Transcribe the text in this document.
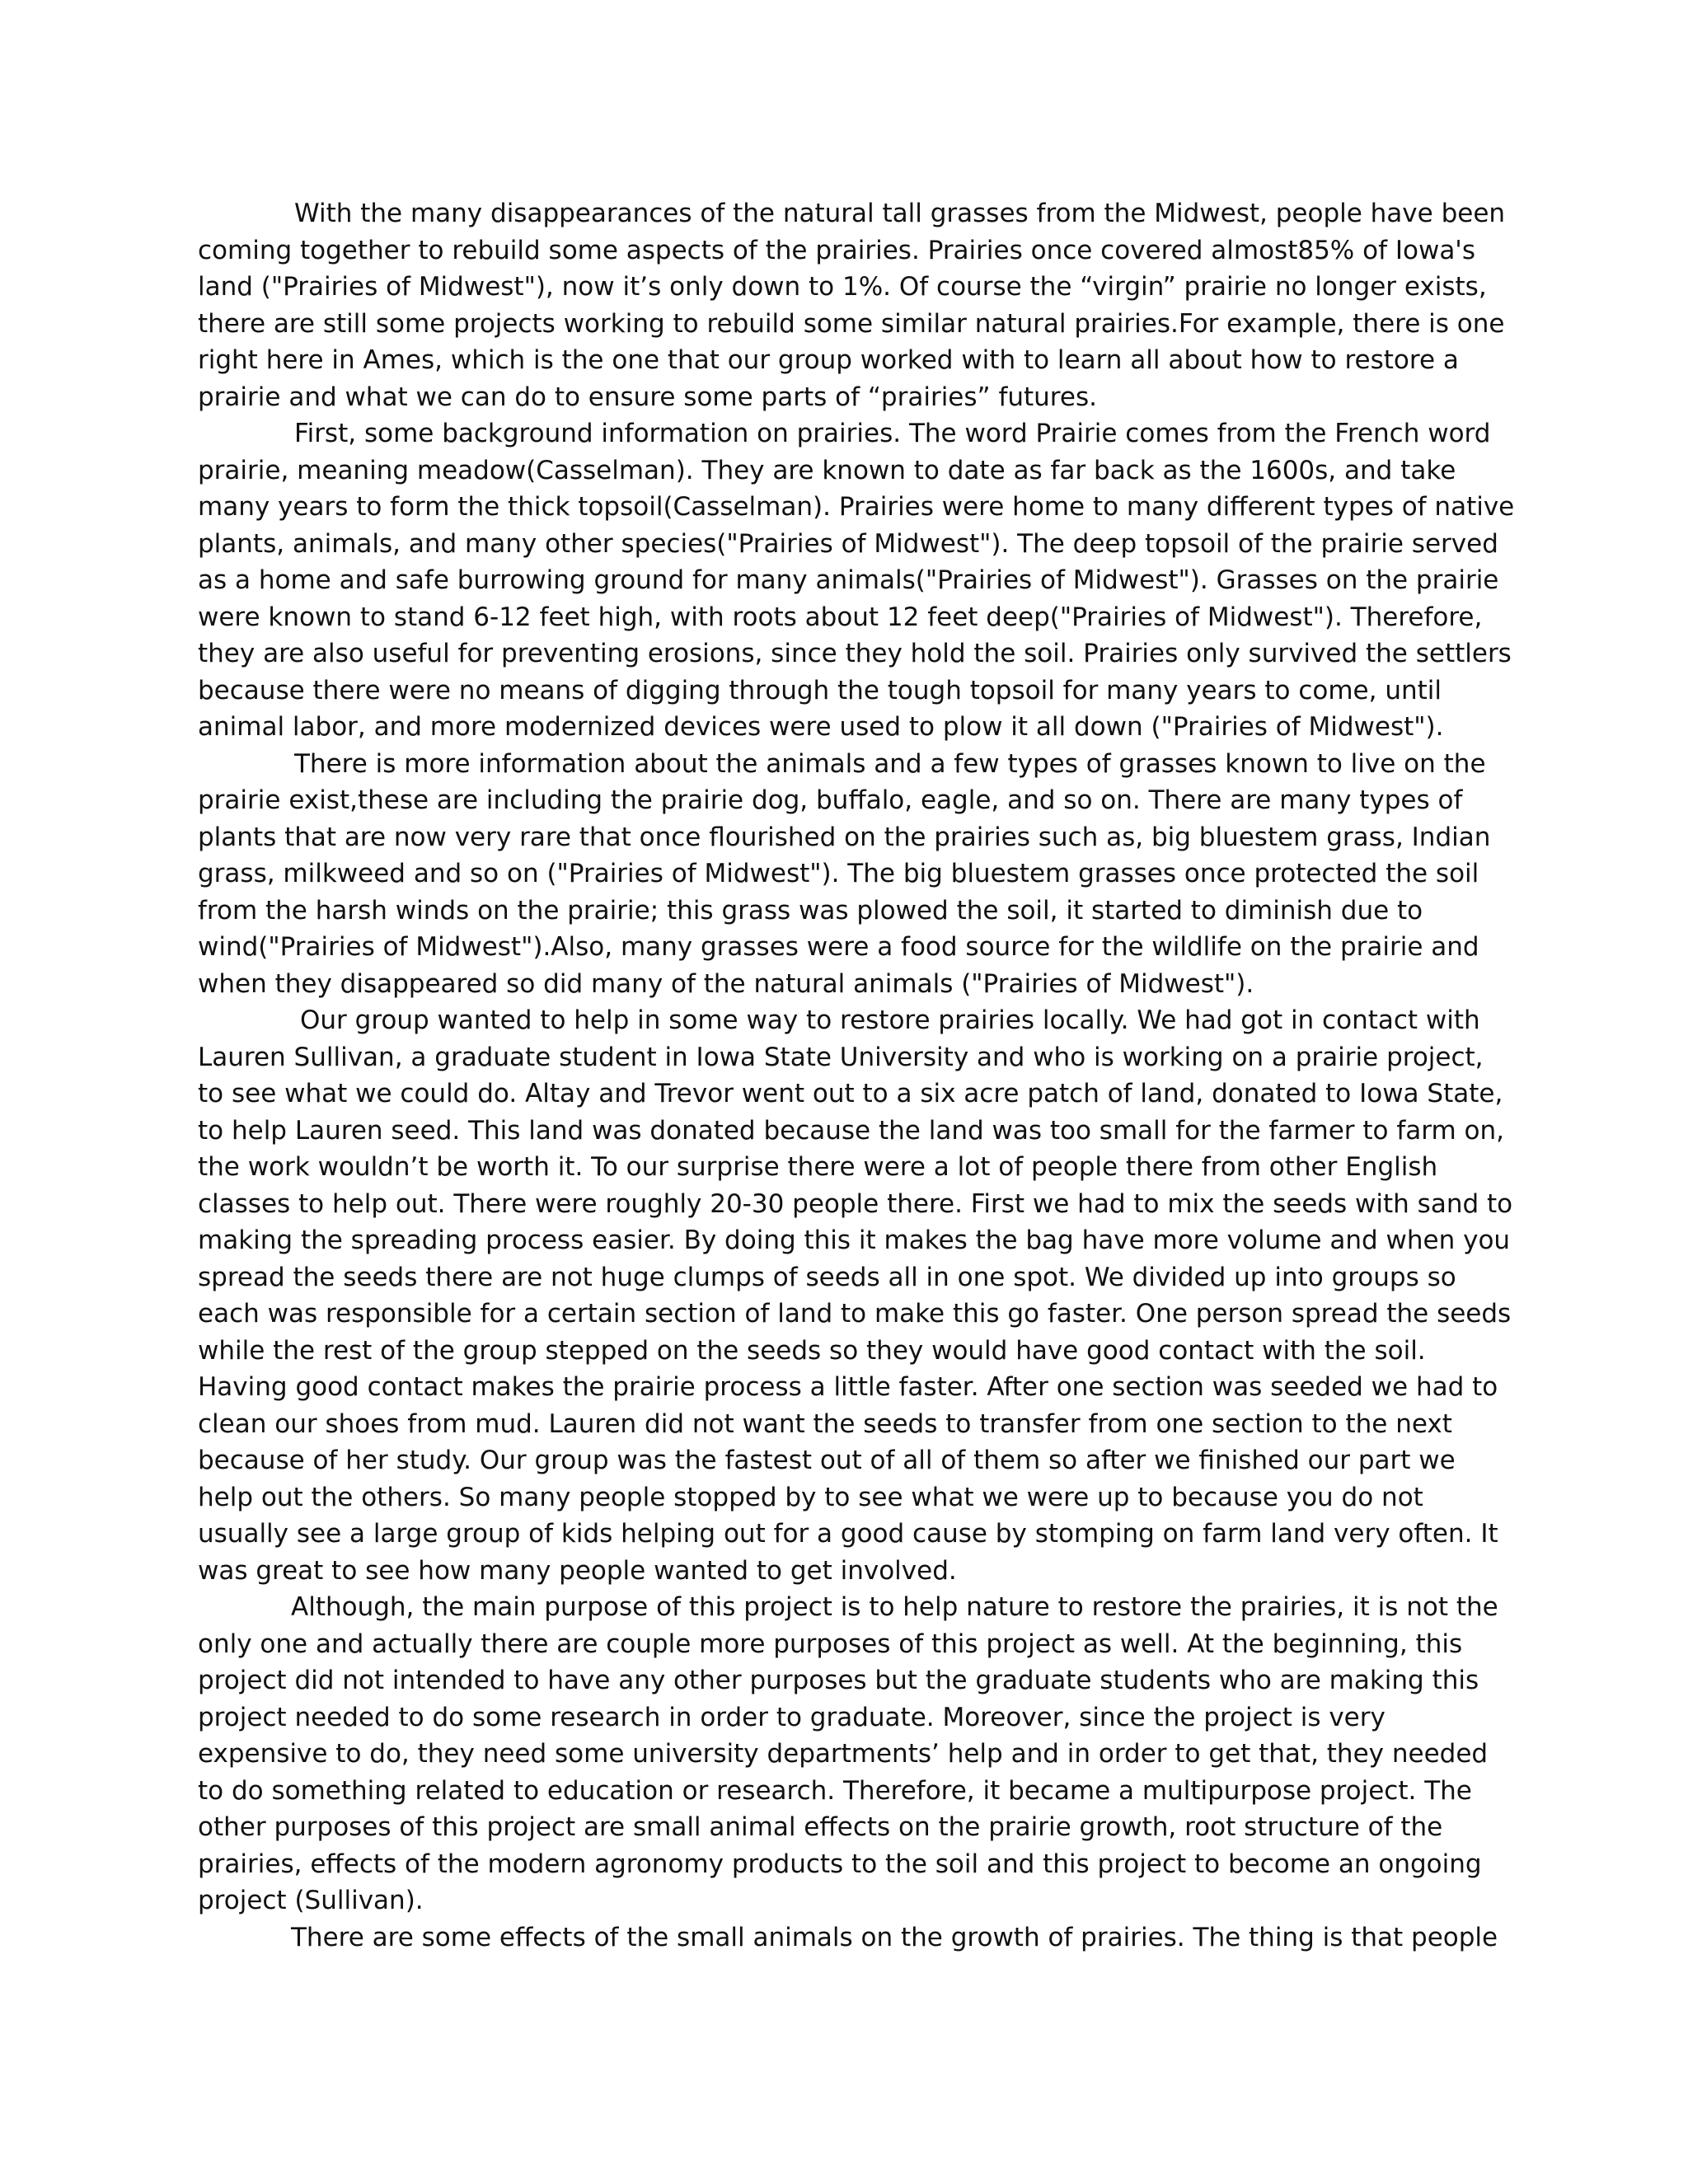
With the many disappearances of the natural tall grasses from the Midwest, people have been coming together to rebuild some aspects of the prairies. Prairies once covered almost85% of Iowa's land ("Prairies of Midwest"), now it’s only down to 1%. Of course the “virgin” prairie no longer exists, there are still some projects working to rebuild some similar natural prairies.For example, there is one right here in Ames, which is the one that our group worked with to learn all about how to restore a prairie and what we can do to ensure some parts of “prairies” futures.

First, some background information on prairies. The word Prairie comes from the French word prairie, meaning meadow(Casselman). They are known to date as far back as the 1600s, and take many years to form the thick topsoil(Casselman). Prairies were home to many different types of native plants, animals, and many other species("Prairies of Midwest"). The deep topsoil of the prairie served as a home and safe burrowing ground for many animals("Prairies of Midwest"). Grasses on the prairie were known to stand 6-12 feet high, with roots about 12 feet deep("Prairies of Midwest"). Therefore, they are also useful for preventing erosions, since they hold the soil. Prairies only survived the settlers because there were no means of digging through the tough topsoil for many years to come, until animal labor, and more modernized devices were used to plow it all down ("Prairies of Midwest").

There is more information about the animals and a few types of grasses known to live on the prairie exist,these are including the prairie dog, buffalo, eagle, and so on. There are many types of plants that are now very rare that once flourished on the prairies such as, big bluestem grass, Indian grass, milkweed and so on ("Prairies of Midwest"). The big bluestem grasses once protected the soil from the harsh winds on the prairie; this grass was plowed the soil, it started to diminish due to wind("Prairies of Midwest").Also, many grasses were a food source for the wildlife on the prairie and when they disappeared so did many of the natural animals ("Prairies of Midwest").

Our group wanted to help in some way to restore prairies locally. We had got in contact with Lauren Sullivan, a graduate student in Iowa State University and who is working on a prairie project, to see what we could do. Altay and Trevor went out to a six acre patch of land, donated to Iowa State, to help Lauren seed. This land was donated because the land was too small for the farmer to farm on, the work wouldn’t be worth it. To our surprise there were a lot of people there from other English classes to help out. There were roughly 20-30 people there. First we had to mix the seeds with sand to making the spreading process easier. By doing this it makes the bag have more volume and when you spread the seeds there are not huge clumps of seeds all in one spot. We divided up into groups so each was responsible for a certain section of land to make this go faster. One person spread the seeds while the rest of the group stepped on the seeds so they would have good contact with the soil. Having good contact makes the prairie process a little faster. After one section was seeded we had to clean our shoes from mud. Lauren did not want the seeds to transfer from one section to the next because of her study. Our group was the fastest out of all of them so after we finished our part we help out the others. So many people stopped by to see what we were up to because you do not usually see a large group of kids helping out for a good cause by stomping on farm land very often. It was great to see how many people wanted to get involved.

Although, the main purpose of this project is to help nature to restore the prairies, it is not the only one and actually there are couple more purposes of this project as well. At the beginning, this project did not intended to have any other purposes but the graduate students who are making this project needed to do some research in order to graduate. Moreover, since the project is very expensive to do, they need some university departments’ help and in order to get that, they needed to do something related to education or research. Therefore, it became a multipurpose project. The other purposes of this project are small animal effects on the prairie growth, root structure of the prairies, effects of the modern agronomy products to the soil and this project to become an ongoing project (Sullivan).

There are some effects of the small animals on the growth of prairies. The thing is that people
